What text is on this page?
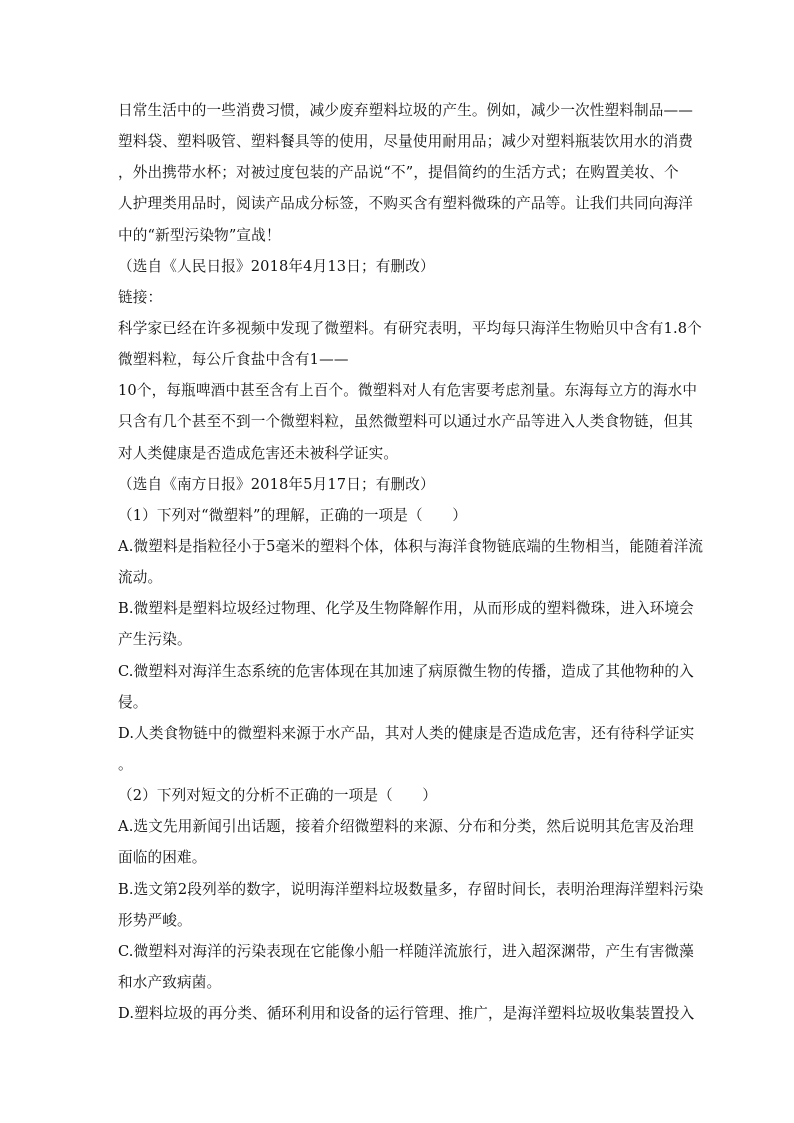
日常生活中的一些消费习惯，减少废弃塑料垃圾的产生。例如，减少一次性塑料制品——
塑料袋、塑料吸管、塑料餐具等的使用，尽量使用耐用品；减少对塑料瓶装饮用水的消费
，外出携带水杯；对被过度包装的产品说“不”，提倡简约的生活方式；在购置美妆、个
人护理类用品时，阅读产品成分标签，不购买含有塑料微珠的产品等。让我们共同向海洋
中的“新型污染物”宣战！
（选自《人民日报》2018年4月13日；有删改）
链接：
科学家已经在许多视频中发现了微塑料。有研究表明，平均每只海洋生物贻贝中含有1.8个
微塑料粒，每公斤食盐中含有1——
10个，每瓶啤酒中甚至含有上百个。微塑料对人有危害要考虑剂量。东海每立方的海水中
只含有几个甚至不到一个微塑料粒，虽然微塑料可以通过水产品等进入人类食物链，但其
对人类健康是否造成危害还未被科学证实。
（选自《南方日报》2018年5月17日；有删改）
（1）下列对“微塑料”的理解，正确的一项是（　　）
A.微塑料是指粒径小于5毫米的塑料个体，体积与海洋食物链底端的生物相当，能随着洋流
流动。
B.微塑料是塑料垃圾经过物理、化学及生物降解作用，从而形成的塑料微珠，进入环境会
产生污染。
C.微塑料对海洋生态系统的危害体现在其加速了病原微生物的传播，造成了其他物种的入
侵。
D.人类食物链中的微塑料来源于水产品，其对人类的健康是否造成危害，还有待科学证实
。
（2）下列对短文的分析不正确的一项是（　　）
A.选文先用新闻引出话题，接着介绍微塑料的来源、分布和分类，然后说明其危害及治理
面临的困难。
B.选文第2段列举的数字，说明海洋塑料垃圾数量多，存留时间长，表明治理海洋塑料污染
形势严峻。
C.微塑料对海洋的污染表现在它能像小船一样随洋流旅行，进入超深渊带，产生有害微藻
和水产致病菌。
D.塑料垃圾的再分类、循环利用和设备的运行管理、推广，是海洋塑料垃圾收集装置投入
